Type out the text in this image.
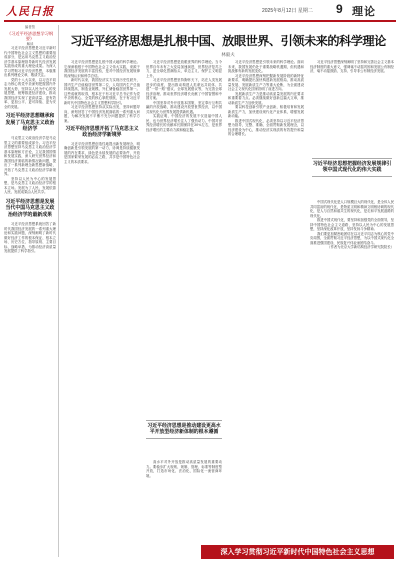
人民日报	2025年8月12日 星期二 9 理论
编者按
《习近平经济思想学习纲要》
解读

习近平经济思想是习近平新时代中国特色社会主义思想的重要组成部分，是运用马克思主义政治经济学基本原理指导新时代经济发展实践形成的重大理论成果。为深入学习贯彻习近平经济思想，本版推出系列理论文章，敬请关注。

党的十八大以来，以习近平同志为核心的党中央深刻把握国内外发展大势，坚持以人民为中心的发展思想，统筹推进经济建设，推动我国经济实现了更高质量、更有效率、更加公平、更可持续、更为安全的发展。

习近平经济思想继承和发展了马克思主义政治经济学

马克思主义政治经济学是马克思主义的重要组成部分。习近平经济思想坚持马克思主义政治经济学基本原理和方法论，立足我国国情和发展实践，深入研究世界经济和我国经济面临的新情况新问题，提出了一系列新理念新思想新战略，开拓了马克思主义政治经济学新境界。

坚持以人民为中心的发展思想，是马克思主义政治经济学的根本立场。发展为了人民、发展依靠人民、发展成果由人民共享。

习近平经济思想是发展当代中国马克思主义政治经济学的最新成果

习近平经济思想系统回答了新时代我国经济发展的一系列重大理论和实践问题，深刻阐明了新时代做好经济工作的根本保证、根本立场、历史方位、指导原则、主要目标、战略举措，为推动经济高质量发展提供了科学指引。

习近平经济思想是扎根中国、放眼世界、引领未来的科学理论
林毅夫

习近平经济思想是扎根中国大地的科学理论。它深深植根于中国特色社会主义伟大实践，来源于我国经济发展的丰富经验，是对中国经济发展规律的深刻认识和科学总结。

新时代以来，我国经济实力实现历史性跃升，国内生产总值稳居世界第二位，人均国内生产总值持续提高，制造业规模、外汇储备稳居世界第一。这些成就的取得，根本在于有习近平总书记作为党中央的核心、全党的核心掌舵领航，在于有习近平新时代中国特色社会主义思想科学指引。

习近平经济思想坚持从实际出发，坚持问题导向，深刻回答了中国经济发展面临的一系列重大问题，为解决发展不平衡不充分问题提供了科学方案。

习近平经济思想开拓了马克思主义政治经济学新境界

习近平经济思想创造性地提出新发展理念，明确创新是引领发展的第一动力，协调是持续健康发展的内在要求，绿色是永续发展的必要条件，开放是国家繁荣发展的必由之路，共享是中国特色社会主义的本质要求。

习近平经济思想是放眼世界的科学理论。当今世界百年未有之大变局加速演进，世界经济复苏乏力，逆全球化思潮抬头，单边主义、保护主义明显上升。

习近平经济思想坚持胸怀天下，站在人类发展进步的高度，提出推动构建人类命运共同体、共建“一带一路”倡议、全球发展倡议等，为完善全球经济治理、推动世界经济增长贡献了中国智慧和中国方案。

中国坚持对外开放基本国策，坚定奉行互利共赢的开放战略，推动建设开放型世界经济，以中国式现代化为世界发展提供新机遇。

实践证明，中国经济的发展不仅造福中国人民，也为世界经济增长注入了强劲动力。中国对世界经济增长的贡献率长期保持在30%左右，是世界经济增长的主要动力源和稳定器。

习近平经济思想是推动建设更高水平开放型经济新体制的根本遵循

高水平对外开放是推动高质量发展的重要动力。要稳步扩大规则、规制、管理、标准等制度型开放，打造市场化、法治化、国际化一流营商环境。

习近平经济思想是引领未来的科学理论。面向未来，我国发展仍处于重要战略机遇期，但机遇和挑战都有新的发展变化。

习近平经济思想深刻把握新发展阶段的新特征新要求，明确提出加快构建新发展格局、推动高质量发展、发展新质生产力等重大论断，为全面建设社会主义现代化国家指明了前进方向。

发展新质生产力是推动高质量发展的内在要求和重要着力点。必须继续做好创新这篇大文章，推动新质生产力加快发展。

要以科技创新引领产业创新，积极培育和发展新质生产力，加快建设现代化产业体系，增强发展新动能。

推进中国式现代化，必须坚持以习近平经济思想为指导，完整、准确、全面贯彻新发展理念，以经济建设为中心，推动经济实现质的有效提升和量的合理增长。

习近平经济思想深刻阐明了坚持和完善社会主义基本经济制度的重大意义，强调毫不动摇巩固和发展公有制经济，毫不动摇鼓励、支持、引导非公有制经济发展。

习近平经济思想把握经济发展规律引领中国式现代化的伟大实践

中国式现代化是人口规模巨大的现代化，是全体人民共同富裕的现代化，是物质文明和精神文明相协调的现代化，是人与自然和谐共生的现代化，是走和平发展道路的现代化。

推进中国式现代化，要坚持和加强党的全面领导，坚持中国特色社会主义道路，坚持以人民为中心的发展思想，坚持深化改革开放，坚持发扬斗争精神。

我们要更加紧密地团结在以习近平同志为核心的党中央周围，全面贯彻习近平经济思想，为以中国式现代化全面推进强国建设、民族复兴伟业而团结奋斗。

（作者为北京大学新结构经济学研究院院长）

深入学习贯彻习近平新时代中国特色社会主义思想
